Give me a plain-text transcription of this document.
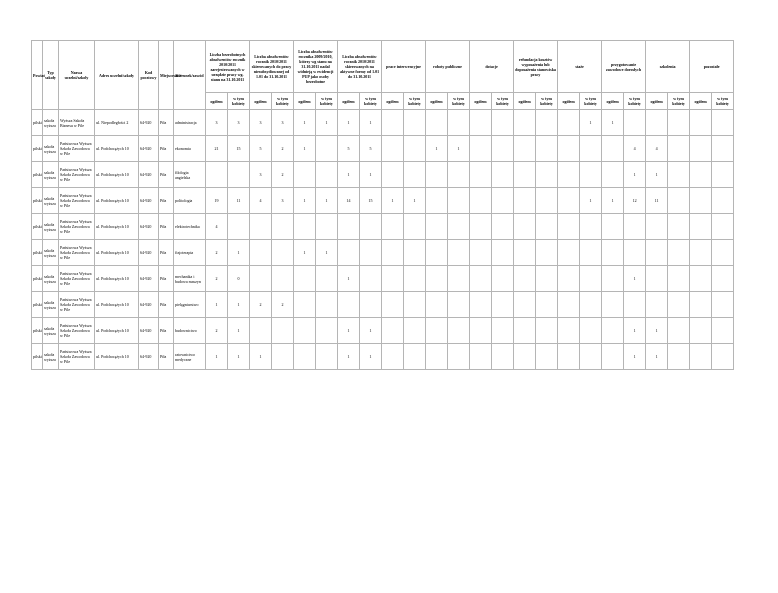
Powiat	Typ szkoły	Nazwa uczelni/szkoły	Adres uczelni/szkoły	Kod pocztowy	Miejscowość	Kierunek/zawód	Liczba bezrobotnych absolwentów rocznik 2010/2011 zarejestrowanych w urzędzie pracy wg. stanu na 31.10.2011		Liczba absolwentów rocznik 2010/2011 skierowanych do pracy niesubsydiowanej od 1.01 do 31.10.2011		Liczba absolwentów rocznika 2009/2010, którzy wg stanu na 31.10.2011 nadal widnieją w ewidencji PUP jako osoby bezrobotne		Liczba absolwentów rocznik 2010/2011 skierowanych na aktywne formy od 1.01 do 31.10.2011		prace interwencyjne		roboty publiczne		dotacje		refundacja kosztów wyposażenia lub doposażenia stanowiska pracy		staże		przygotowanie zawodowe dorosłych		szkolenia		pozostałe	
							ogółem	w tym kobiety	ogółem	w tym kobiety	ogółem	w tym kobiety	ogółem	w tym kobiety	ogółem	w tym kobiety	ogółem	w tym kobiety	ogółem	w tym kobiety	ogółem	w tym kobiety	ogółem	w tym kobiety	ogółem	w tym kobiety	ogółem	w tym kobiety	ogółem	w tym kobiety
pilski	szkoła wyższa	Wyższa Szkoła Biznesu w Pile	ul. Niepodległości 2	64-920	Piła	administracja	3	3	3	3	1	1	1	1										1	1					
pilski	szkoła wyższa	Państwowa Wyższa Szkoła Zawodowa w Pile	ul. Podchorążych 10	64-920	Piła	ekonomia	21	15	5	2	1		5	5			1	1								4	4			
pilski	szkoła wyższa	Państwowa Wyższa Szkoła Zawodowa w Pile	ul. Podchorążych 10	64-920	Piła	filologia angielska			3	2			1	1												1	1			
pilski	szkoła wyższa	Państwowa Wyższa Szkoła Zawodowa w Pile	ul. Podchorążych 10	64-920	Piła	politologia	19	11	4	3	1	1	14	15	1	1								1	1	12	11			
pilski	szkoła wyższa	Państwowa Wyższa Szkoła Zawodowa w Pile	ul. Podchorążych 10	64-920	Piła	elektrotechnika	4																							
pilski	szkoła wyższa	Państwowa Wyższa Szkoła Zawodowa w Pile	ul. Podchorążych 10	64-920	Piła	fizjoterapia	2	1			1	1																		
pilski	szkoła wyższa	Państwowa Wyższa Szkoła Zawodowa w Pile	ul. Podchorążych 10	64-920	Piła	mechanika i budowa maszyn	2	0					1													1				
pilski	szkoła wyższa	Państwowa Wyższa Szkoła Zawodowa w Pile	ul. Podchorążych 10	64-920	Piła	pielęgniarstwo	1	1	2	2																				
pilski	szkoła wyższa	Państwowa Wyższa Szkoła Zawodowa w Pile	ul. Podchorążych 10	64-920	Piła	budownictwo	2	1					1	1												1	1			
pilski	szkoła wyższa	Państwowa Wyższa Szkoła Zawodowa w Pile	ul. Podchorążych 10	64-920	Piła	ratownictwo medyczne	1	1	1				1	1												1	1			
